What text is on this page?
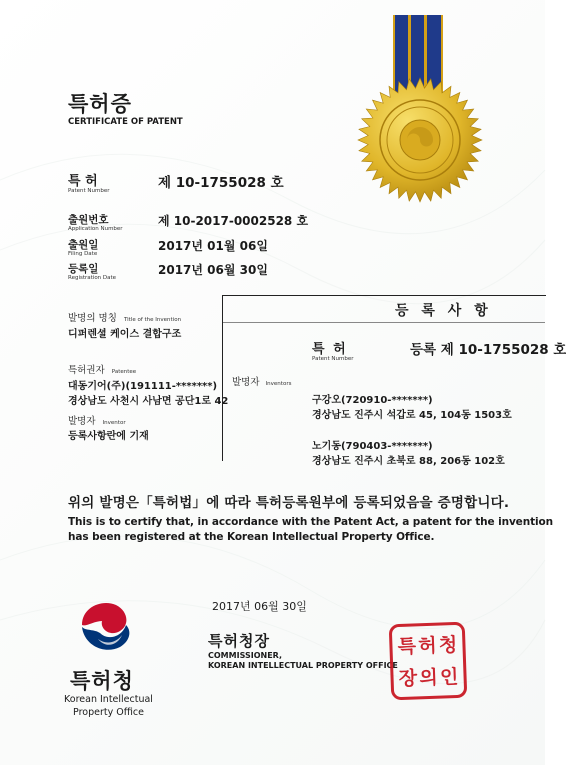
특허증
CERTIFICATE OF PATENT
특 허
Patent Number	제 10-1755028 호
출원번호
Application Number
제 10-2017-0002528 호
출원일
Filing Date
2017년 01월 06일
등록일
Registration Date
2017년 06월 30일
발명의 명칭 Title of the Invention
디퍼렌셜 케이스 결합구조
특허권자 Patentee
대동기어(주)(191111-*******)
경상남도 사천시 사남면 공단1로 42
발명자 Inventor
등록사항란에 기재
등 록 사 항
특 허
Patent Number
등록 제 10-1755028 호
발명자 Inventors
구강오(720910-*******)
경상남도 진주시 석갑로 45, 104동 1503호
노기동(790403-*******)
경상남도 진주시 초북로 88, 206동 102호
위의 발명은「특허법」에 따라 특허등록원부에 등록되었음을 증명합니다.
This is to certify that, in accordance with the Patent Act, a patent for the invention
has been registered at the Korean Intellectual Property Office.
2017년 06월 30일
특허청장
COMMISSIONER,
KOREAN INTELLECTUAL PROPERTY OFFICE
특허청
Korean Intellectual
Property Office
특 허 청
장 의 인
